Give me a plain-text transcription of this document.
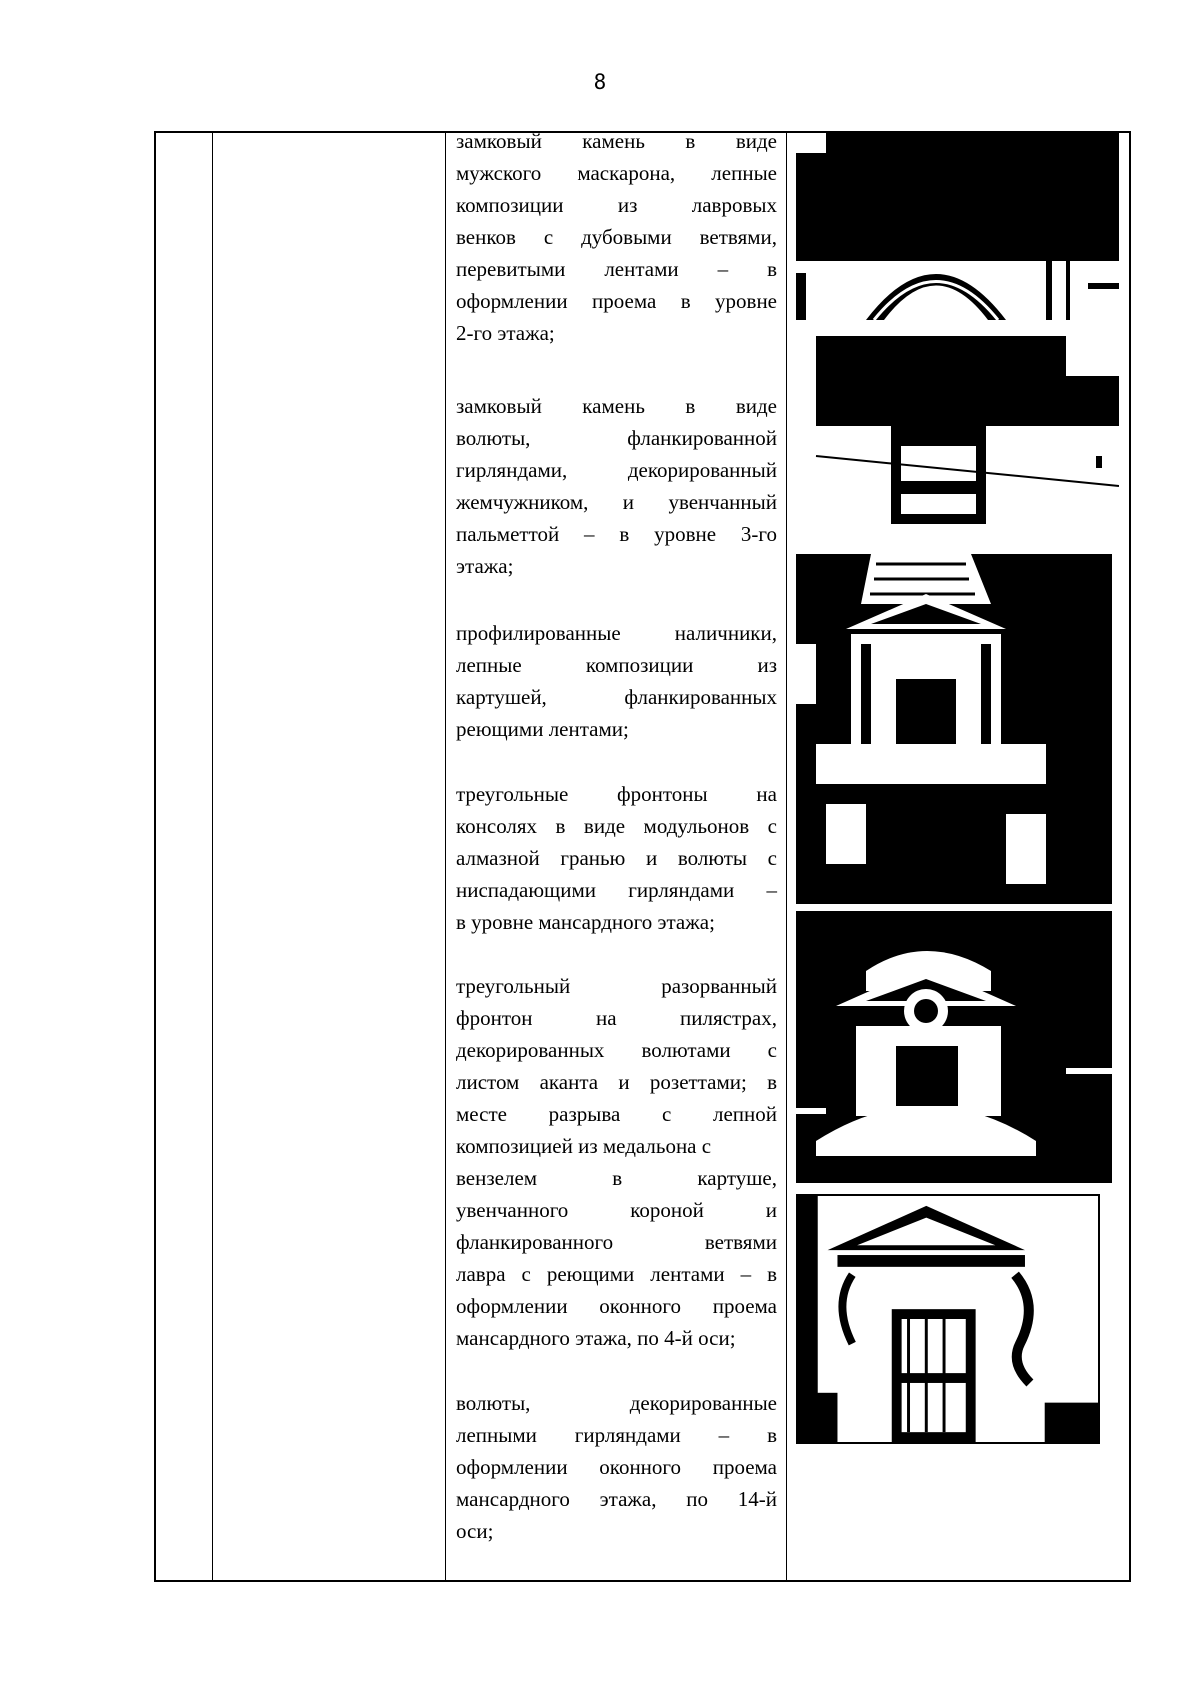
8
замковый камень в виде
мужского маскарона, лепные
композиции из лавровых
венков с дубовыми ветвями,
перевитыми лентами – в
оформлении проема в уровне
2-го этажа;
замковый камень в виде
волюты, фланкированной
гирляндами, декорированный
жемчужником, и увенчанный
пальметтой – в уровне 3-го
этажа;
профилированные наличники,
лепные композиции из
картушей, фланкированных
реющими лентами;
треугольные фронтоны на
консолях в виде модульонов с
алмазной гранью и волюты с
ниспадающими гирляндами –
в уровне мансардного этажа;
треугольный разорванный
фронтон на пилястрах,
декорированных волютами с
листом аканта и розеттами; в
месте разрыва с лепной
композицией из медальона с
вензелем в картуше,
увенчанного короной и
фланкированного ветвями
лавра с реющими лентами – в
оформлении оконного проема
мансардного этажа, по 4-й оси;
волюты, декорированные
лепными гирляндами – в
оформлении оконного проема
мансардного этажа, по 14-й
оси;
